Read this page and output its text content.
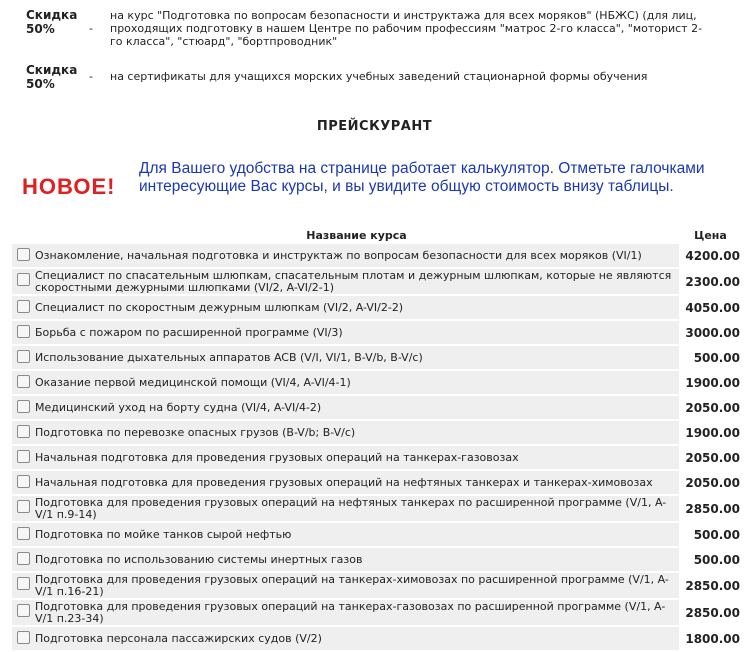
Скидка 50%	-
на курс "Подготовка по вопросам безопасности и инструктажа для всех моряков" (НБЖС) (для лиц, проходящих подготовку в нашем Центре по рабочим профессиям "матрос 2-го класса", "моторист 2-го класса", "стюард", "бортпроводник"
Скидка 50%
- на сертификаты для учащихся морских учебных заведений стационарной формы обучения
ПРЕЙСКУРАНТ
НОВОЕ!
Для Вашего удобства на странице работает калькулятор. Отметьте галочками интересующие Вас курсы, и вы увидите общую стоимость внизу таблицы.
	Название курса	Цена

	Ознакомление, начальная подготовка и инструктаж по вопросам безопасности для всех моряков (VI/1)	4200.00

	Специалист по спасательным шлюпкам, спасательным плотам и дежурным шлюпкам, которые не являются скоростными дежурными шлюпками (VI/2, A-VI/2-1)	2300.00

	Специалист по скоростным дежурным шлюпкам (VI/2, A-VI/2-2)	4050.00

	Борьба с пожаром по расширенной программе (VI/3)	3000.00

	Использование дыхательных аппаратов ACB (V/I, VI/1, B-V/b, B-V/c)	500.00

	Оказание первой медицинской помощи (VI/4, A-VI/4-1)	1900.00

	Медицинский уход на борту судна (VI/4, A-VI/4-2)	2050.00

	Подготовка по перевозке опасных грузов (B-V/b; B-V/c)	1900.00

	Начальная подготовка для проведения грузовых операций на танкерах-газовозах	2050.00

	Начальная подготовка для проведения грузовых операций на нефтяных танкерах и танкерах-химовозах	2050.00

	Подготовка для проведения грузовых операций на нефтяных танкерах по расширенной программе (V/1, A-V/1 п.9-14)	2850.00

	Подготовка по мойке танков сырой нефтью	500.00

	Подготовка по использованию системы инертных газов	500.00

	Подготовка для проведения грузовых операций на танкерах-химовозах по расширенной программе (V/1, A-V/1 п.16-21)	2850.00

	Подготовка для проведения грузовых операций на танкерах-газовозах по расширенной программе (V/1, A-V/1 п.23-34)	2850.00

	Подготовка персонала пассажирских судов (V/2)	1800.00
